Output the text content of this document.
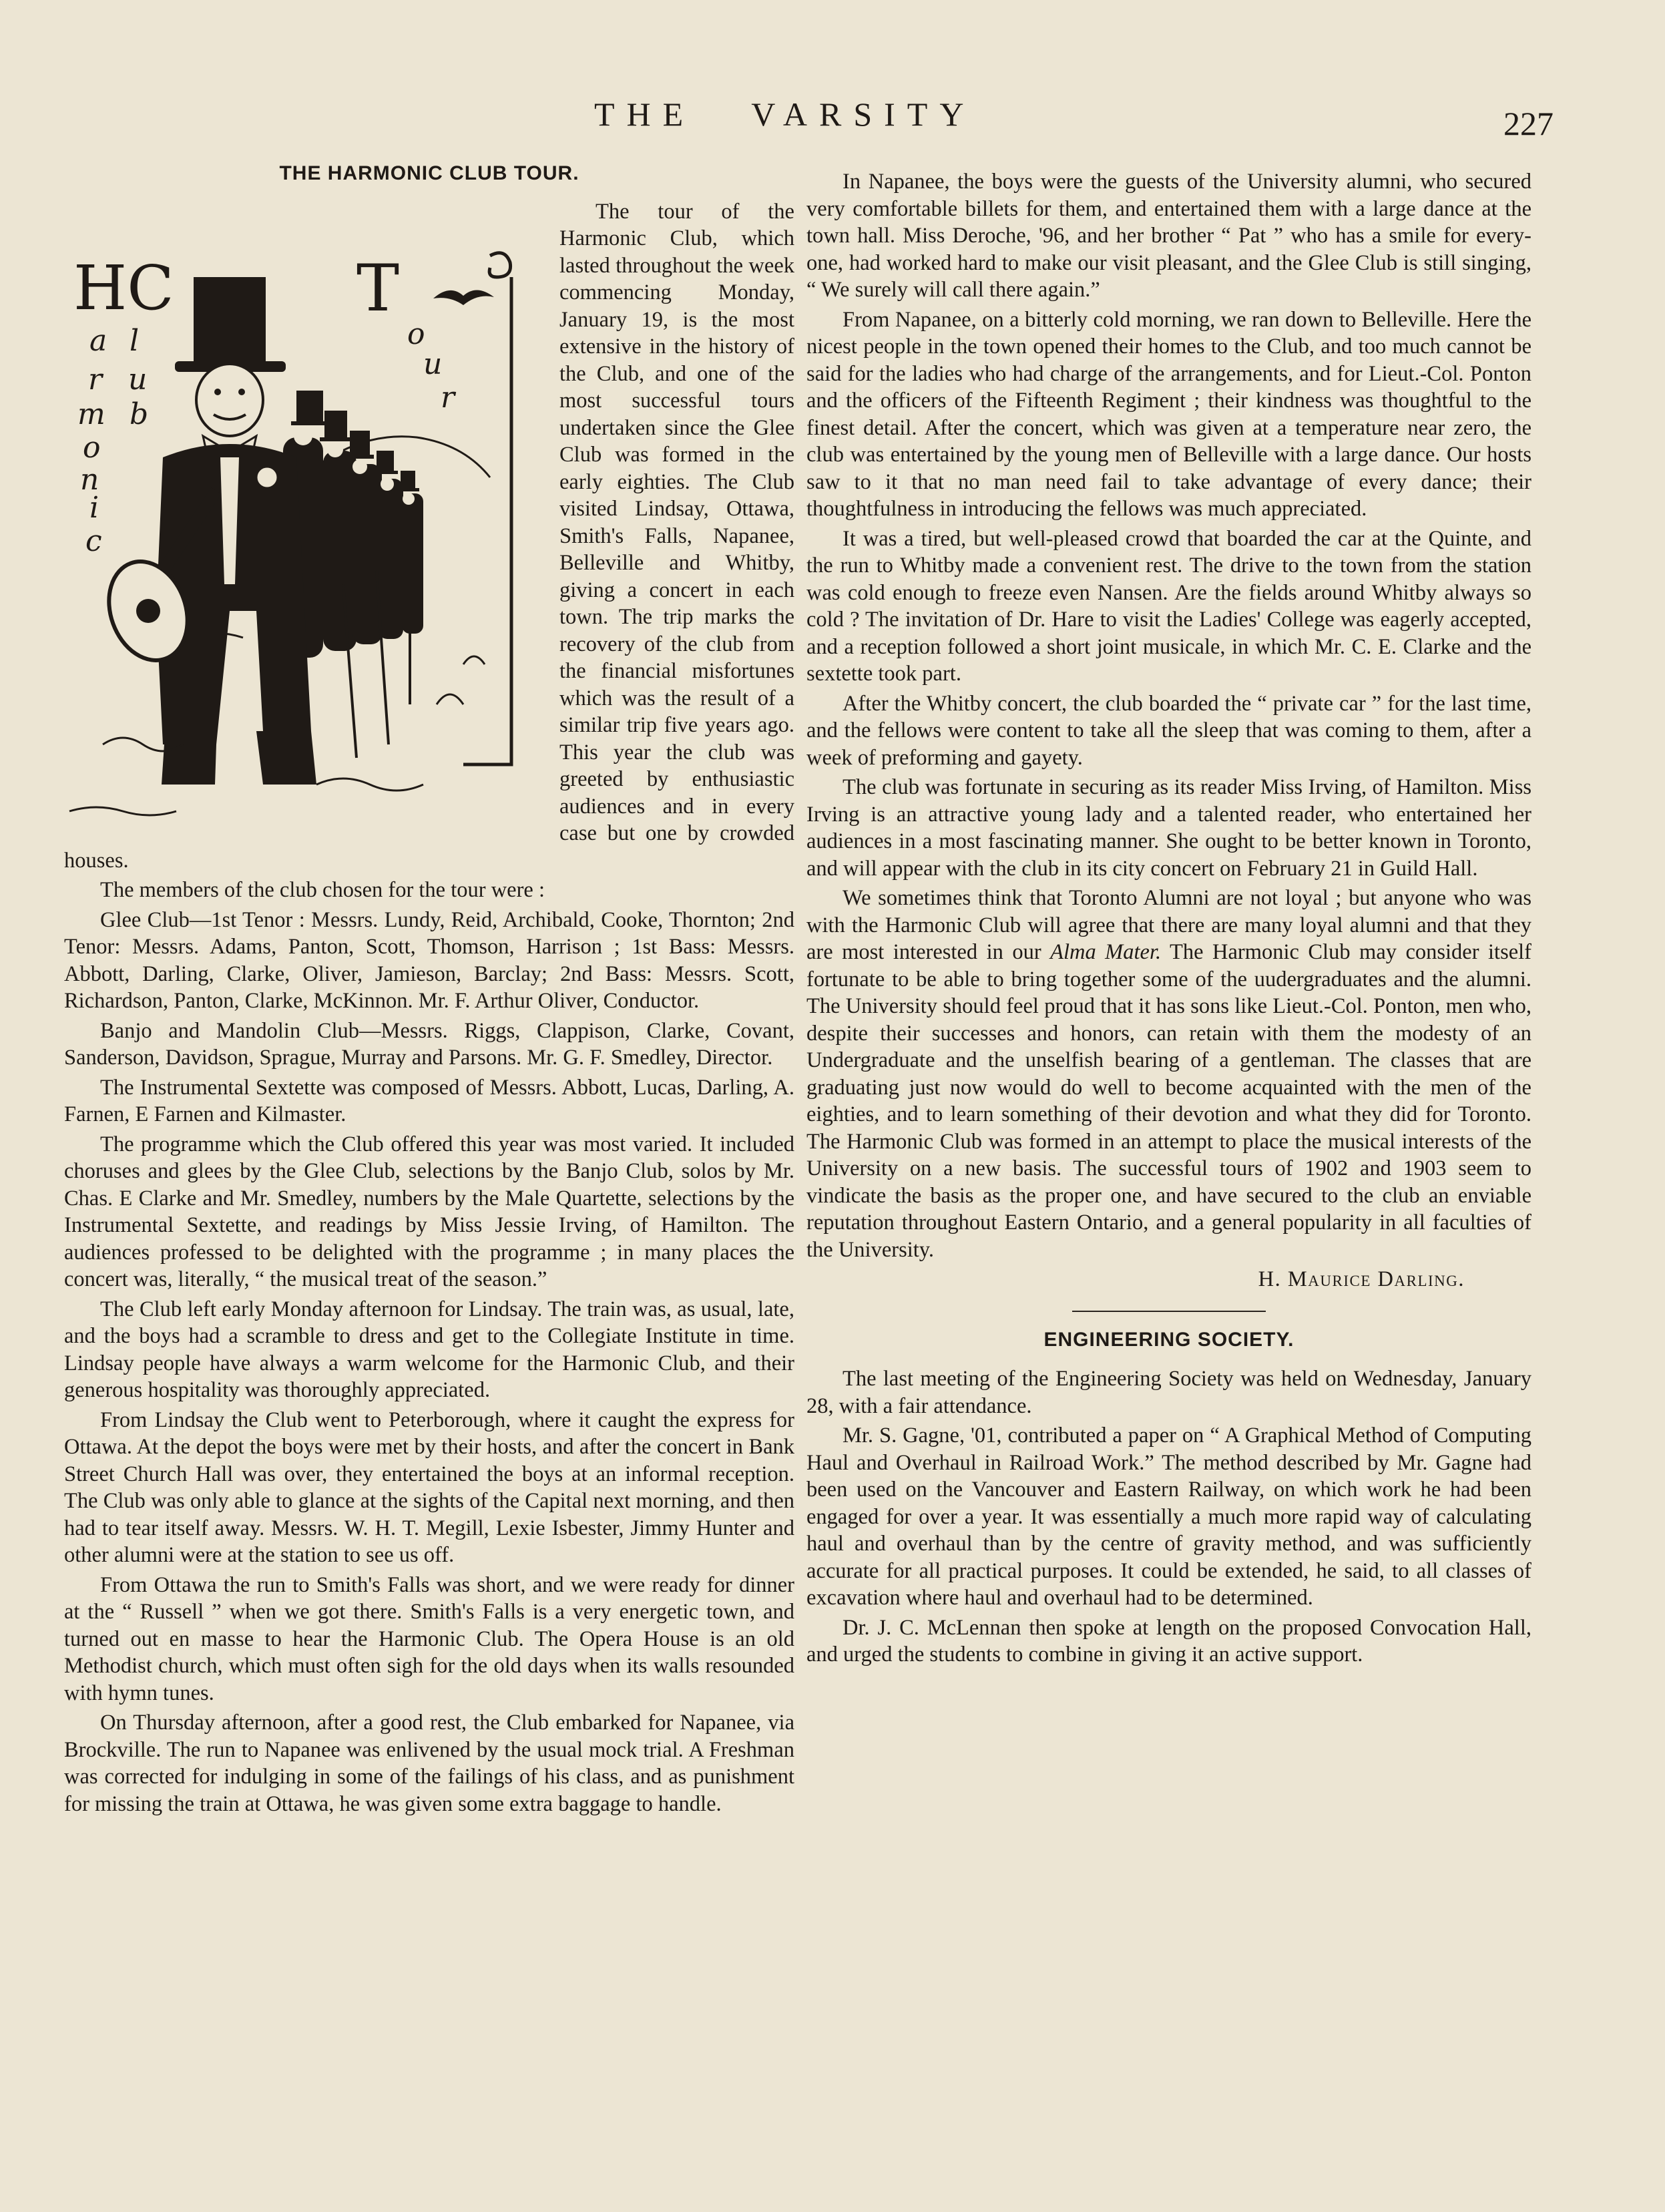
THE VARSITY	227
THE HARMONIC CLUB TOUR.
HC
a
r
m
o
n
i
c
l
u
b
T
o
u
r

The tour of the Harmonic Club, which lasted throughout the week commencing Monday, January 19, is the most extensive in the history of the Club, and one of the most successful tours undertaken since the Glee Club was formed in the early eighties. The Club visited Lindsay, Ottawa, Smith's Falls, Napanee, Belleville and Whitby, giving a concert in each town. The trip marks the recovery of the club from the financial misfortunes which was the result of a similar trip five years ago. This year the club was greeted by enthusiastic audiences and in every case but one by crowded houses.

The members of the club chosen for the tour were :

Glee Club—1st Tenor : Messrs. Lundy, Reid, Archibald, Cooke, Thornton; 2nd Tenor: Messrs. Adams, Panton, Scott, Thomson, Harrison ; 1st Bass: Messrs. Abbott, Darling, Clarke, Oliver, Jamieson, Barclay; 2nd Bass: Messrs. Scott, Richardson, Panton, Clarke, McKinnon. Mr. F. Arthur Oliver, Conductor.

Banjo and Mandolin Club—Messrs. Riggs, Clappison, Clarke, Covant, Sanderson, Davidson, Sprague, Murray and Parsons. Mr. G. F. Smedley, Director.

The Instrumental Sextette was composed of Messrs. Abbott, Lucas, Darling, A. Farnen, E Farnen and Kilmaster.

The programme which the Club offered this year was most varied. It included choruses and glees by the Glee Club, selections by the Banjo Club, solos by Mr. Chas. E Clarke and Mr. Smedley, numbers by the Male Quartette, selections by the Instrumental Sextette, and readings by Miss Jessie Irving, of Hamilton. The audiences professed to be delighted with the programme ; in many places the concert was, literally, “ the musical treat of the season.”

The Club left early Monday afternoon for Lindsay. The train was, as usual, late, and the boys had a scramble to dress and get to the Collegiate Institute in time. Lindsay people have always a warm welcome for the Harmonic Club, and their generous hospitality was thoroughly appreciated.

From Lindsay the Club went to Peterborough, where it caught the express for Ottawa. At the depot the boys were met by their hosts, and after the concert in Bank Street Church Hall was over, they entertained the boys at an informal reception. The Club was only able to glance at the sights of the Capital next morning, and then had to tear itself away. Messrs. W. H. T. Megill, Lexie Isbester, Jimmy Hunter and other alumni were at the station to see us off.

From Ottawa the run to Smith's Falls was short, and we were ready for dinner at the “ Russell ” when we got there. Smith's Falls is a very energetic town, and turned out en masse to hear the Harmonic Club. The Opera House is an old Methodist church, which must often sigh for the old days when its walls resounded with hymn tunes.

On Thursday afternoon, after a good rest, the Club embarked for Napanee, via Brockville. The run to Napanee was enlivened by the usual mock trial. A Freshman was corrected for indulging in some of the failings of his class, and as punishment for missing the train at Ottawa, he was given some extra baggage to handle.

In Napanee, the boys were the guests of the University alumni, who secured very comfortable billets for them, and entertained them with a large dance at the town hall. Miss Deroche, '96, and her brother “ Pat ” who has a smile for every-one, had worked hard to make our visit pleasant, and the Glee Club is still singing, “ We surely will call there again.”

From Napanee, on a bitterly cold morning, we ran down to Belleville. Here the nicest people in the town opened their homes to the Club, and too much cannot be said for the ladies who had charge of the arrangements, and for Lieut.-Col. Ponton and the officers of the Fifteenth Regiment ; their kindness was thoughtful to the finest detail. After the concert, which was given at a temperature near zero, the club was entertained by the young men of Belleville with a large dance. Our hosts saw to it that no man need fail to take advantage of every dance; their thoughtfulness in introducing the fellows was much appreciated.

It was a tired, but well-pleased crowd that boarded the car at the Quinte, and the run to Whitby made a convenient rest. The drive to the town from the station was cold enough to freeze even Nansen. Are the fields around Whitby always so cold ? The invitation of Dr. Hare to visit the Ladies' College was eagerly accepted, and a reception followed a short joint musicale, in which Mr. C. E. Clarke and the sextette took part.

After the Whitby concert, the club boarded the “ private car ” for the last time, and the fellows were content to take all the sleep that was coming to them, after a week of preforming and gayety.

The club was fortunate in securing as its reader Miss Irving, of Hamilton. Miss Irving is an attractive young lady and a talented reader, who entertained her audiences in a most fascinating manner. She ought to be better known in Toronto, and will appear with the club in its city concert on February 21 in Guild Hall.

We sometimes think that Toronto Alumni are not loyal ; but anyone who was with the Harmonic Club will agree that there are many loyal alumni and that they are most interested in our Alma Mater. The Harmonic Club may consider itself fortunate to be able to bring together some of the uudergraduates and the alumni. The University should feel proud that it has sons like Lieut.-Col. Ponton, men who, despite their successes and honors, can retain with them the modesty of an Undergraduate and the unselfish bearing of a gentleman. The classes that are graduating just now would do well to become acquainted with the men of the eighties, and to learn something of their devotion and what they did for Toronto. The Harmonic Club was formed in an attempt to place the musical interests of the University on a new basis. The successful tours of 1902 and 1903 seem to vindicate the basis as the proper one, and have secured to the club an enviable reputation throughout Eastern Ontario, and a general popularity in all faculties of the University.

H. Maurice Darling.

ENGINEERING SOCIETY.

The last meeting of the Engineering Society was held on Wednesday, January 28, with a fair attendance.

Mr. S. Gagne, '01, contributed a paper on “ A Graphical Method of Computing Haul and Overhaul in Railroad Work.” The method described by Mr. Gagne had been used on the Vancouver and Eastern Railway, on which work he had been engaged for over a year. It was essentially a much more rapid way of calculating haul and overhaul than by the centre of gravity method, and was sufficiently accurate for all practical purposes. It could be extended, he said, to all classes of excavation where haul and overhaul had to be determined.

Dr. J. C. McLennan then spoke at length on the proposed Convocation Hall, and urged the students to combine in giving it an active support.
